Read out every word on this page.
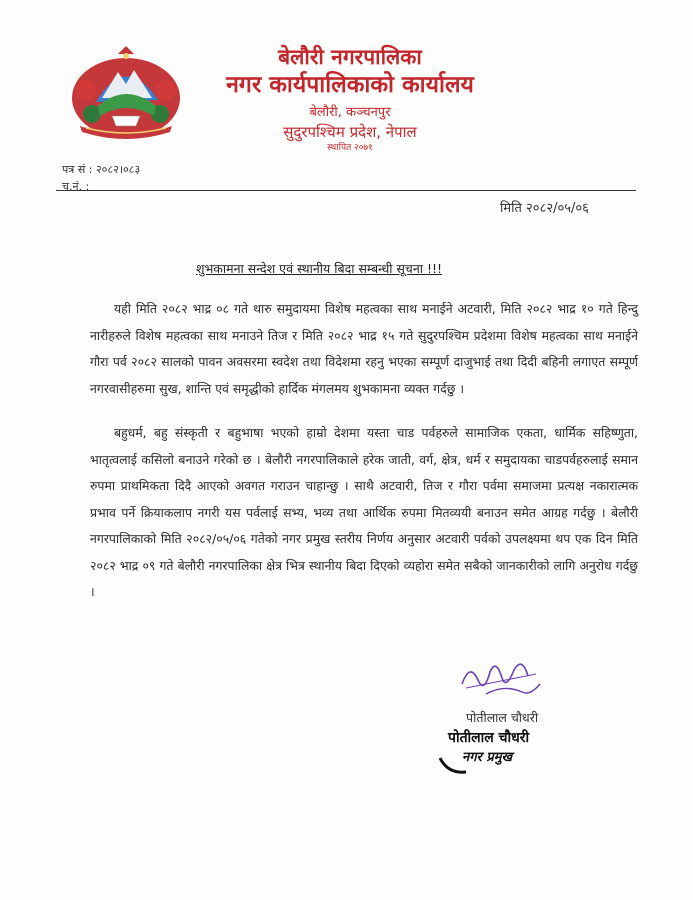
बेलौरी नगरपालिका
नगर कार्यपालिकाको कार्यालय
बेलौरी, कञ्चनपुर
सुदुरपश्चिम प्रदेश, नेपाल
स्थापित २०७१
पत्र सं : २०८२।०८३
च.नं. :
मिति २०८२/०५/०६
शुभकामना सन्देश एवं स्थानीय बिदा सम्बन्धी सूचना !!!

यही मिति २०८२ भाद्र ०८ गते थारु समुदायमा विशेष महत्वका साथ मनाईने अटवारी, मिति २०८२ भाद्र १० गते हिन्दु नारीहरुले विशेष महत्वका साथ मनाउने तिज र मिति २०८२ भाद्र १५ गते सुदुरपश्चिम प्रदेशमा विशेष महत्वका साथ मनाईने गौरा पर्व २०८२ सालको पावन अवसरमा स्वदेश तथा विदेशमा रहनु भएका सम्पूर्ण दाजुभाई तथा दिदी बहिनी लगाएत सम्पूर्ण नगरवासीहरुमा सुख, शान्ति एवं समृद्धीको हार्दिक मंगलमय शुभकामना व्यक्त गर्दछु ।

बहुधर्म, बहु संस्कृती र बहुभाषा भएको हाम्रो देशमा यस्ता चाड पर्वहरुले सामाजिक एकता, धार्मिक सहिष्णुता, भातृत्वलाई कसिलो बनाउने गरेको छ । बेलौरी नगरपालिकाले हरेक जाती, वर्ग, क्षेत्र, धर्म र समुदायका चाडपर्वहरुलाई समान रुपमा प्राथमिकता दिदै आएको अवगत गराउन चाहान्छु । साथै अटवारी, तिज र गौरा पर्वमा समाजमा प्रत्यक्ष नकारात्मक प्रभाव पर्ने क्रियाकलाप नगरी यस पर्वलाई सभ्य, भव्य तथा आर्थिक रुपमा मितव्ययी बनाउन समेत आग्रह गर्दछु । बेलौरी नगरपालिकाको मिति २०८२/०५/०६ गतेको नगर प्रमुख स्तरीय निर्णय अनुसार अटवारी पर्वको उपलक्ष्यमा थप एक दिन मिति २०८२ भाद्र ०९ गते बेलौरी नगरपालिका क्षेत्र भित्र स्थानीय बिदा दिएको व्यहोरा समेत सबैको जानकारीको लागि अनुरोध गर्दछु ।

पोतीलाल चौधरी
पोतीलाल चौधरी
नगर प्रमुख
